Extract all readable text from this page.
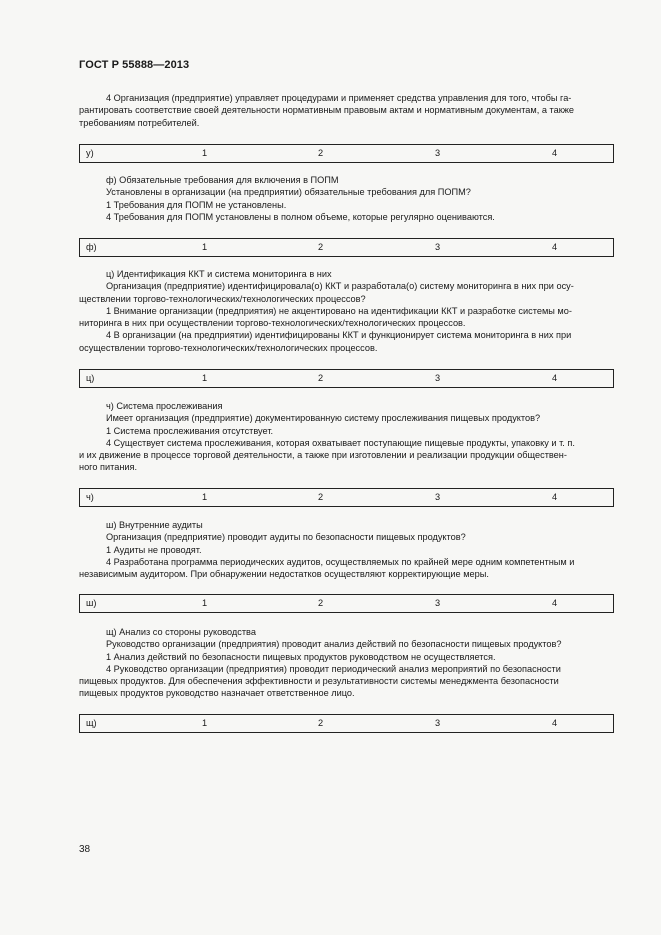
ГОСТ Р 55888—2013

4 Организация (предприятие) управляет процедурами и применяет средства управления для того, чтобы га-

рантировать соответствие своей деятельности нормативным правовым актам и нормативным документам, а также

требованиям потребителей.

у)	1	2	3	4

ф) Обязательные требования для включения в ПОПМ

Установлены в организации (на предприятии) обязательные требования для ПОПМ?

1 Требования для ПОПМ не установлены.

4 Требования для ПОПМ установлены в полном объеме, которые регулярно оцениваются.

ф)	1	2	3	4

ц) Идентификация ККТ и система мониторинга в них

Организация (предприятие) идентифицировала(о) ККТ и разработала(о) систему мониторинга в них при осу-

ществлении торгово-технологических/технологических процессов?

1 Внимание организации (предприятия) не акцентировано на идентификации ККТ и разработке системы мо-

ниторинга в них при осуществлении торгово-технологических/технологических процессов.

4 В организации (на предприятии) идентифицированы ККТ и функционирует система мониторинга в них при

осуществлении торгово-технологических/технологических процессов.

ц)	1	2	3	4

ч) Система прослеживания

Имеет организация (предприятие) документированную систему прослеживания пищевых продуктов?

1 Система прослеживания отсутствует.

4 Существует система прослеживания, которая охватывает поступающие пищевые продукты, упаковку и т. п.

и их движение в процессе торговой деятельности, а также при изготовлении и реализации продукции обществен-

ного питания.

ч)	1	2	3	4

ш) Внутренние аудиты

Организация (предприятие) проводит аудиты по безопасности пищевых продуктов?

1 Аудиты не проводят.

4 Разработана программа периодических аудитов, осуществляемых по крайней мере одним компетентным и

независимым аудитором. При обнаружении недостатков осуществляют корректирующие меры.

ш)	1	2	3	4

щ) Анализ со стороны руководства

Руководство организации (предприятия) проводит анализ действий по безопасности пищевых продуктов?

1 Анализ действий по безопасности пищевых продуктов руководством не осуществляется.

4 Руководство организации (предприятия) проводит периодический анализ мероприятий по безопасности

пищевых продуктов. Для обеспечения эффективности и результативности системы менеджмента безопасности

пищевых продуктов руководство назначает ответственное лицо.

щ)	1	2	3	4
38
